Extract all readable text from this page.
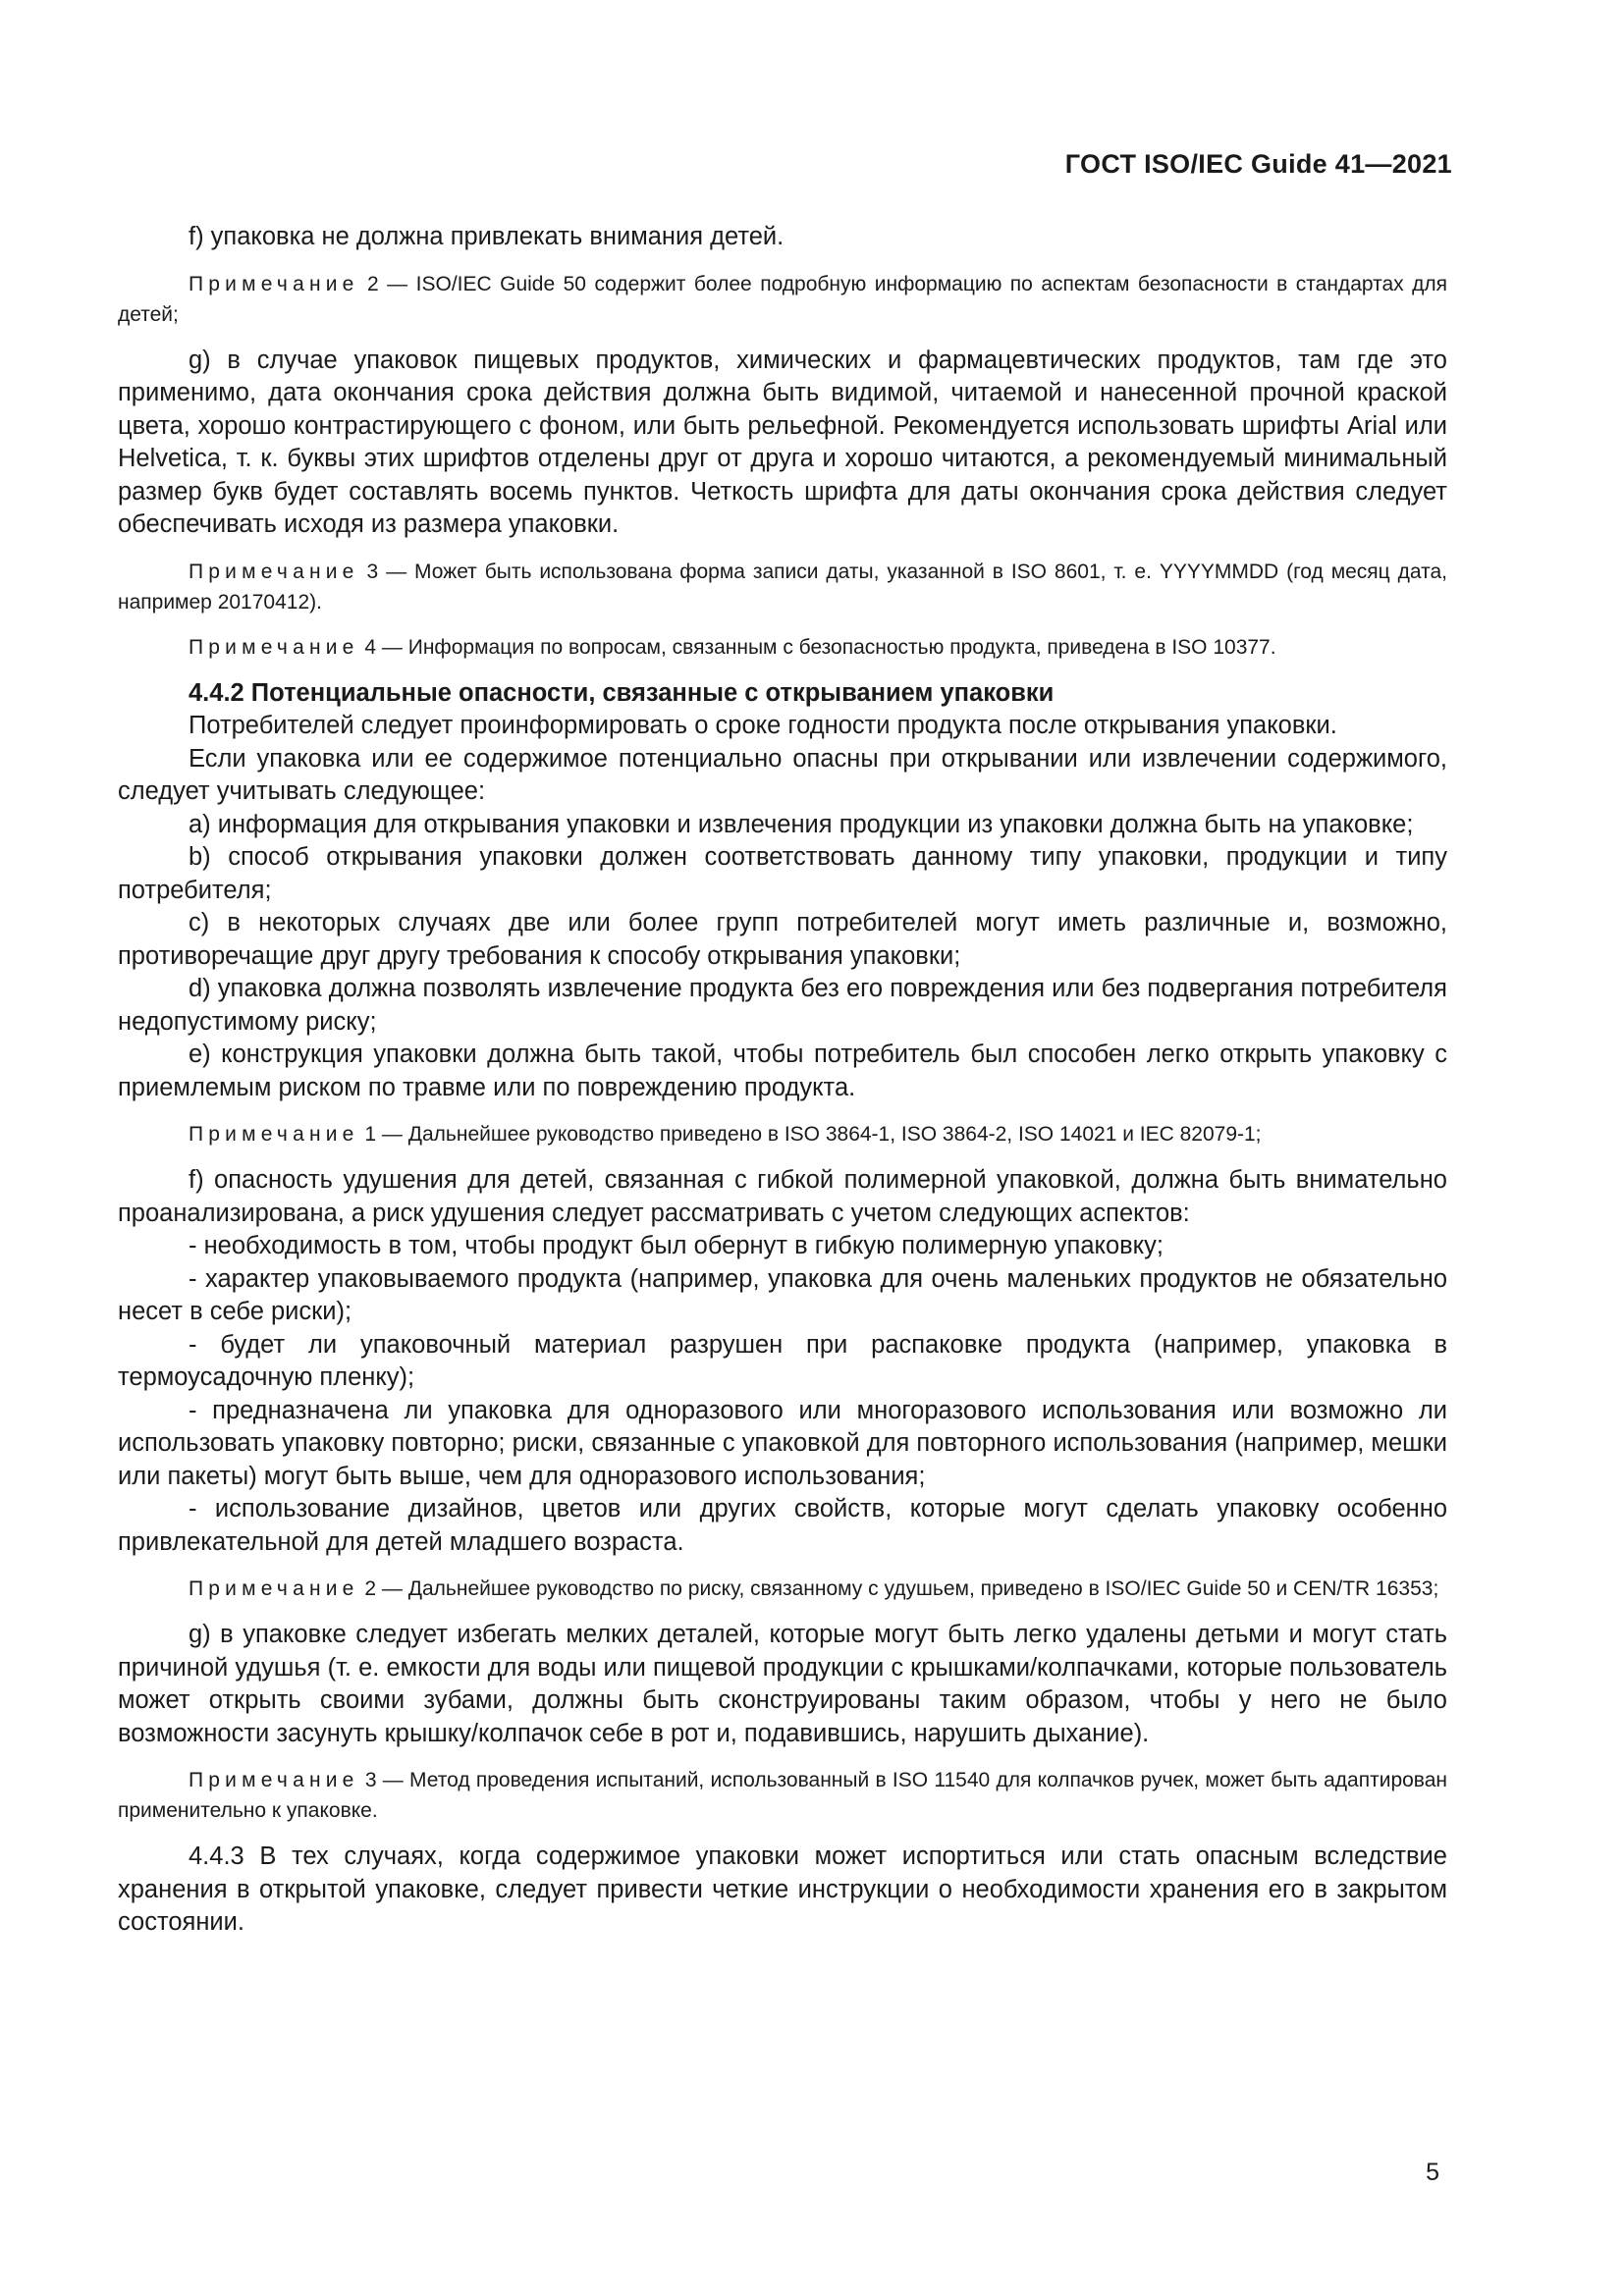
ГОСТ ISO/IEC Guide 41—2021

f) упаковка не должна привлекать внимания детей.

Примечание 2 — ISO/IEC Guide 50 содержит более подробную информацию по аспектам безопасности в стандартах для детей;

g) в случае упаковок пищевых продуктов, химических и фармацевтических продуктов, там где это применимо, дата окончания срока действия должна быть видимой, читаемой и нанесенной прочной краской цвета, хорошо контрастирующего с фоном, или быть рельефной. Рекомендуется использовать шрифты Arial или Helvetica, т. к. буквы этих шрифтов отделены друг от друга и хорошо читаются, а рекомендуемый минимальный размер букв будет составлять восемь пунктов. Четкость шрифта для даты окончания срока действия следует обеспечивать исходя из размера упаковки.

Примечание 3 — Может быть использована форма записи даты, указанной в ISO 8601, т. е. YYYYMMDD (год месяц дата, например 20170412).

Примечание 4 — Информация по вопросам, связанным с безопасностью продукта, приведена в ISO 10377.

4.4.2 Потенциальные опасности, связанные с открыванием упаковки

Потребителей следует проинформировать о сроке годности продукта после открывания упаковки.

Если упаковка или ее содержимое потенциально опасны при открывании или извлечении содержимого, следует учитывать следующее:

a) информация для открывания упаковки и извлечения продукции из упаковки должна быть на упаковке;

b) способ открывания упаковки должен соответствовать данному типу упаковки, продукции и типу потребителя;

c) в некоторых случаях две или более групп потребителей могут иметь различные и, возможно, противоречащие друг другу требования к способу открывания упаковки;

d) упаковка должна позволять извлечение продукта без его повреждения или без подвергания потребителя недопустимому риску;

e) конструкция упаковки должна быть такой, чтобы потребитель был способен легко открыть упаковку с приемлемым риском по травме или по повреждению продукта.

Примечание 1 — Дальнейшее руководство приведено в ISO 3864-1, ISO 3864-2, ISO 14021 и IEC 82079-1;

f) опасность удушения для детей, связанная с гибкой полимерной упаковкой, должна быть внимательно проанализирована, а риск удушения следует рассматривать с учетом следующих аспектов:

- необходимость в том, чтобы продукт был обернут в гибкую полимерную упаковку;

- характер упаковываемого продукта (например, упаковка для очень маленьких продуктов не обязательно несет в себе риски);

- будет ли упаковочный материал разрушен при распаковке продукта (например, упаковка в термоусадочную пленку);

- предназначена ли упаковка для одноразового или многоразового использования или возможно ли использовать упаковку повторно; риски, связанные с упаковкой для повторного использования (например, мешки или пакеты) могут быть выше, чем для одноразового использования;

- использование дизайнов, цветов или других свойств, которые могут сделать упаковку особенно привлекательной для детей младшего возраста.

Примечание 2 — Дальнейшее руководство по риску, связанному с удушьем, приведено в ISO/IEC Guide 50 и CEN/TR 16353;

g) в упаковке следует избегать мелких деталей, которые могут быть легко удалены детьми и могут стать причиной удушья (т. е. емкости для воды или пищевой продукции с крышками/колпачками, которые пользователь может открыть своими зубами, должны быть сконструированы таким образом, чтобы у него не было возможности засунуть крышку/колпачок себе в рот и, подавившись, нарушить дыхание).

Примечание 3 — Метод проведения испытаний, использованный в ISO 11540 для колпачков ручек, может быть адаптирован применительно к упаковке.

4.4.3 В тех случаях, когда содержимое упаковки может испортиться или стать опасным вследствие хранения в открытой упаковке, следует привести четкие инструкции о необходимости хранения его в закрытом состоянии.

5
